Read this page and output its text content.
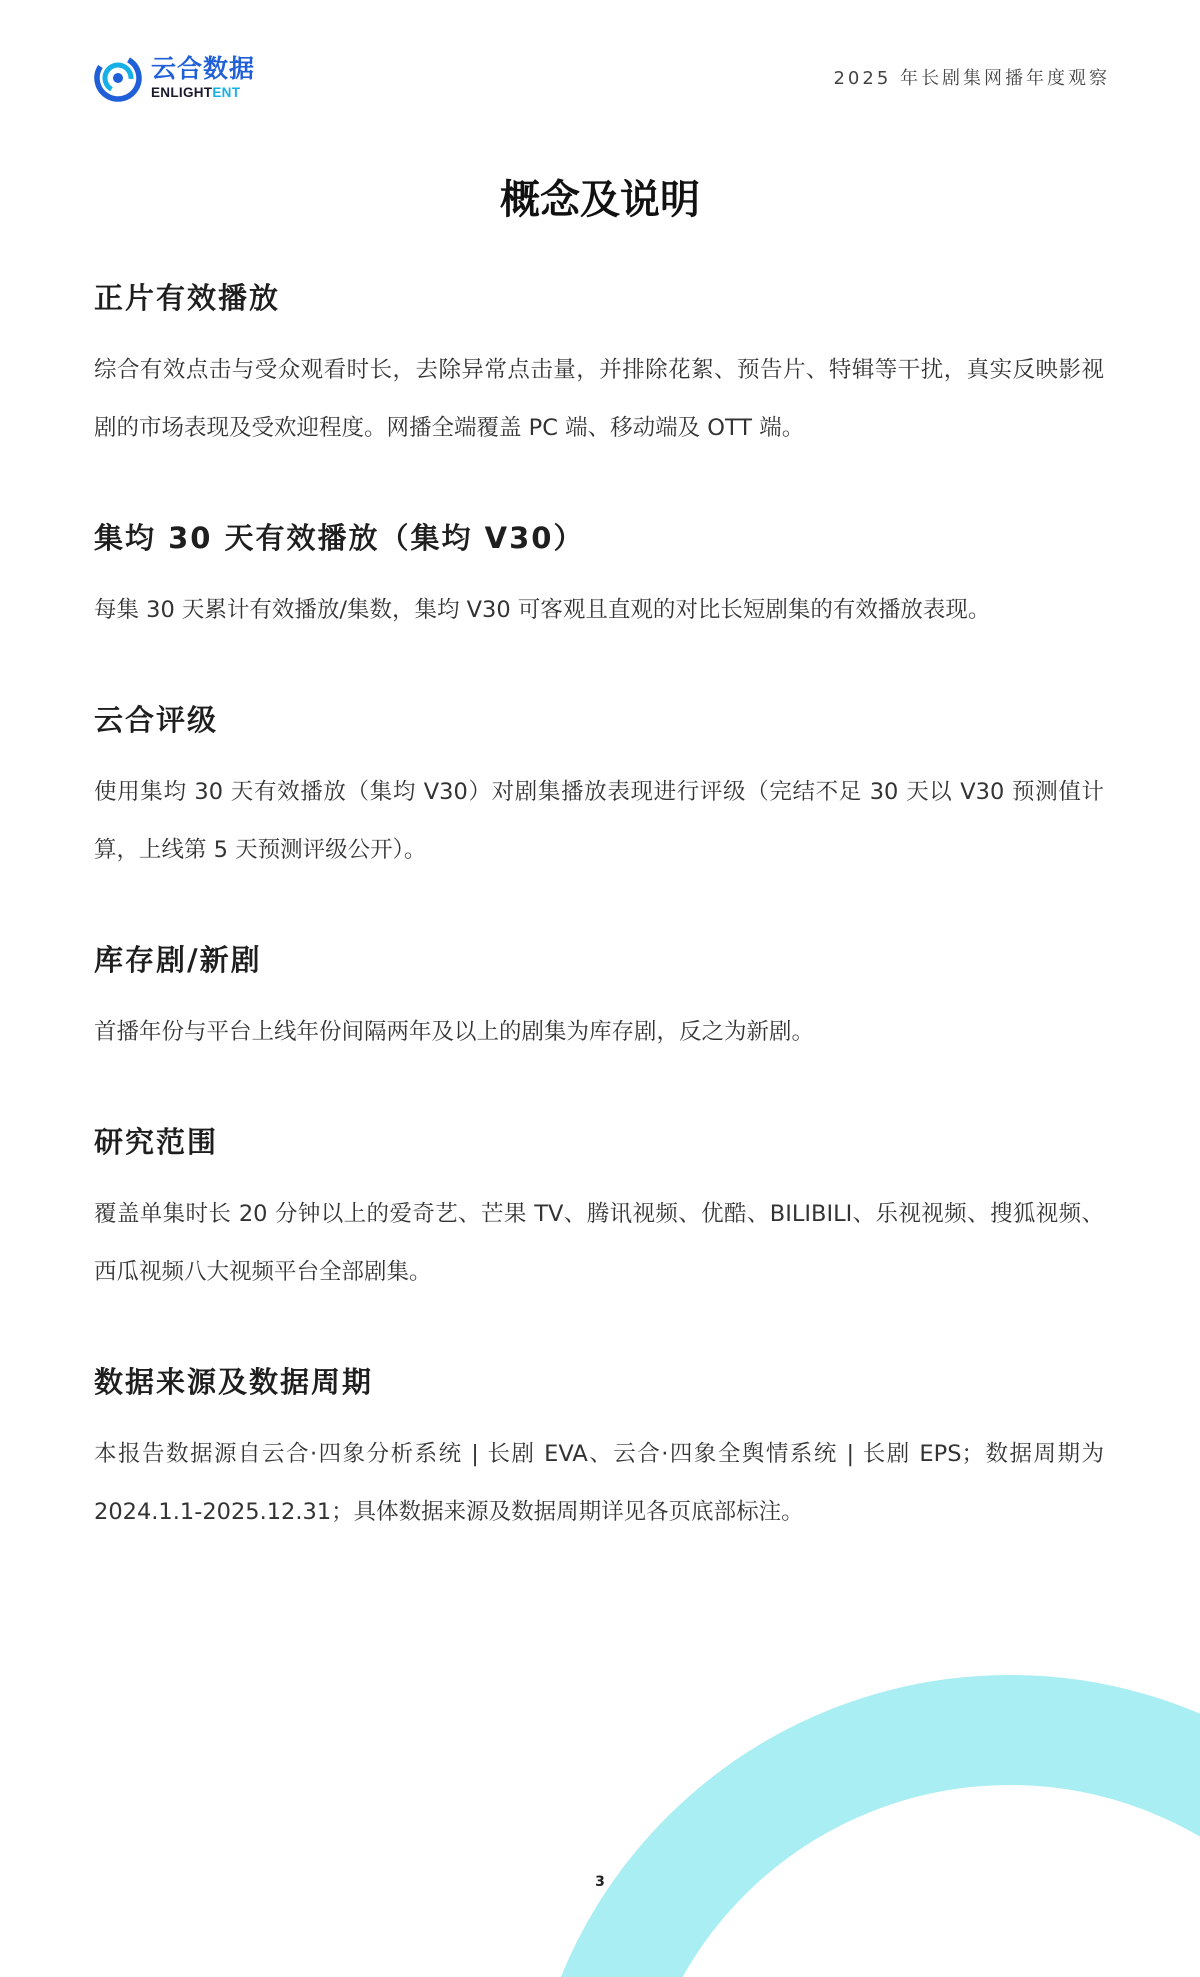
云合数据
ENLIGHTENT
2025 年长剧集网播年度观察
概念及说明
正片有效播放

综合有效点击与受众观看时长，去除异常点击量，并排除花絮、预告片、特辑等干扰，真实反映影视剧的市场表现及受欢迎程度。网播全端覆盖 PC 端、移动端及 OTT 端。

集均 30 天有效播放（集均 V30）

每集 30 天累计有效播放/集数，集均 V30 可客观且直观的对比长短剧集的有效播放表现。

云合评级

使用集均 30 天有效播放（集均 V30）对剧集播放表现进行评级（完结不足 30 天以 V30 预测值计算，上线第 5 天预测评级公开）。

库存剧/新剧

首播年份与平台上线年份间隔两年及以上的剧集为库存剧，反之为新剧。

研究范围

覆盖单集时长 20 分钟以上的爱奇艺、芒果 TV、腾讯视频、优酷、BILIBILI、乐视视频、搜狐视频、西瓜视频八大视频平台全部剧集。

数据来源及数据周期

本报告数据源自云合·四象分析系统 | 长剧 EVA、云合·四象全舆情系统 | 长剧 EPS；数据周期为 2024.1.1-2025.12.31；具体数据来源及数据周期详见各页底部标注。

3
